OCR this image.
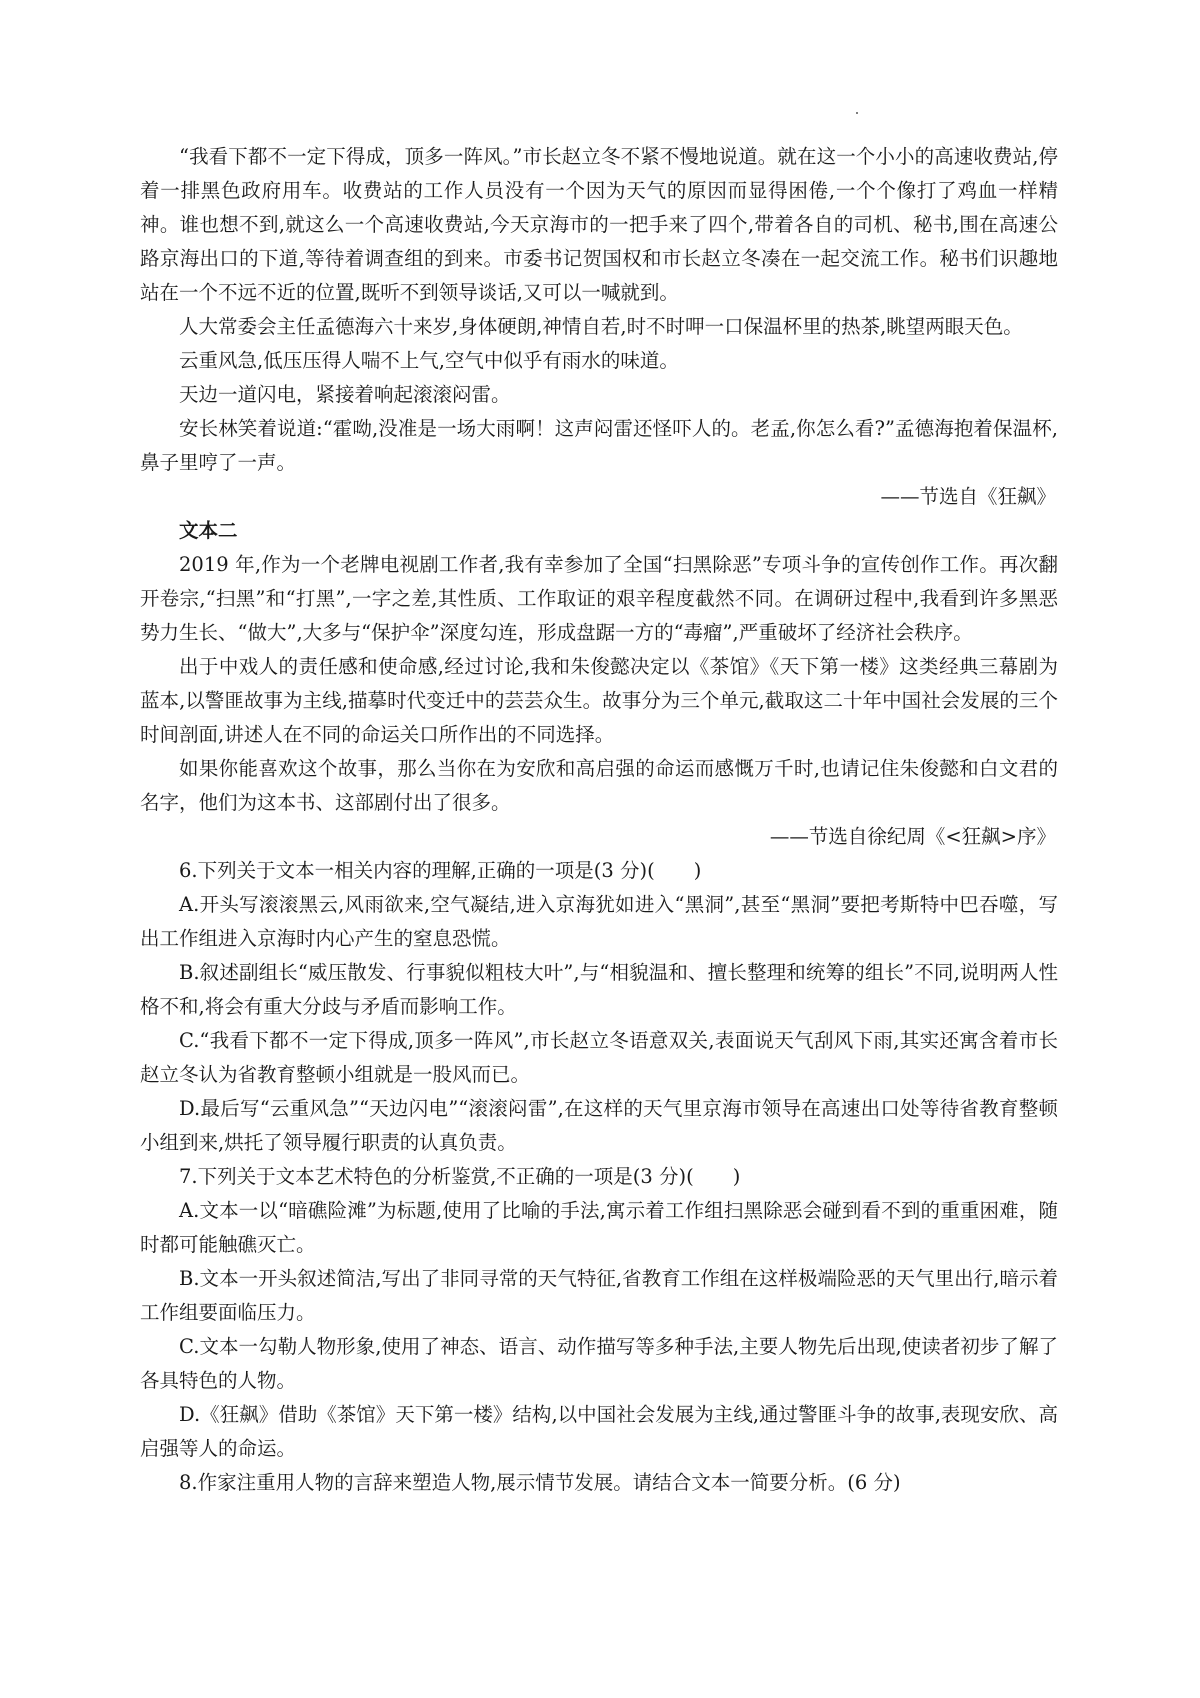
“我看下都不一定下得成，顶多一阵风。”市长赵立冬不紧不慢地说道。就在这一个小小的高速收费站,停着一排黑色政府用车。收费站的工作人员没有一个因为天气的原因而显得困倦,一个个像打了鸡血一样精神。谁也想不到,就这么一个高速收费站,今天京海市的一把手来了四个,带着各自的司机、秘书,围在高速公路京海出口的下道,等待着调查组的到来。市委书记贺国权和市长赵立冬凑在一起交流工作。秘书们识趣地站在一个不远不近的位置,既听不到领导谈话,又可以一喊就到。

人大常委会主任孟德海六十来岁,身体硬朗,神情自若,时不时呷一口保温杯里的热茶,眺望两眼天色。

云重风急,低压压得人喘不上气,空气中似乎有雨水的味道。

天边一道闪电，紧接着响起滚滚闷雷。

安长林笑着说道:“霍呦,没准是一场大雨啊！这声闷雷还怪吓人的。老孟,你怎么看?”孟德海抱着保温杯,鼻子里哼了一声。

——节选自《狂飙》

文本二

2019 年,作为一个老牌电视剧工作者,我有幸参加了全国“扫黑除恶”专项斗争的宣传创作工作。再次翻开卷宗,“扫黑”和“打黑”,一字之差,其性质、工作取证的艰辛程度截然不同。在调研过程中,我看到许多黑恶势力生长、“做大”,大多与“保护伞”深度勾连，形成盘踞一方的“毒瘤”,严重破坏了经济社会秩序。

出于中戏人的责任感和使命感,经过讨论,我和朱俊懿决定以《茶馆》《天下第一楼》这类经典三幕剧为蓝本,以警匪故事为主线,描摹时代变迁中的芸芸众生。故事分为三个单元,截取这二十年中国社会发展的三个时间剖面,讲述人在不同的命运关口所作出的不同选择。

如果你能喜欢这个故事，那么当你在为安欣和高启强的命运而感慨万千时,也请记住朱俊懿和白文君的名字，他们为这本书、这部剧付出了很多。

——节选自徐纪周《<狂飙>序》

6.下列关于文本一相关内容的理解,正确的一项是(3 分)(　　)

A.开头写滚滚黑云,风雨欲来,空气凝结,进入京海犹如进入“黑洞”,甚至“黑洞”要把考斯特中巴吞噬，写出工作组进入京海时内心产生的窒息恐慌。

B.叙述副组长“威压散发、行事貌似粗枝大叶”,与“相貌温和、擅长整理和统筹的组长”不同,说明两人性格不和,将会有重大分歧与矛盾而影响工作。

C.“我看下都不一定下得成,顶多一阵风”,市长赵立冬语意双关,表面说天气刮风下雨,其实还寓含着市长赵立冬认为省教育整顿小组就是一股风而已。

D.最后写“云重风急”“天边闪电”“滚滚闷雷”,在这样的天气里京海市领导在高速出口处等待省教育整顿小组到来,烘托了领导履行职责的认真负责。

7.下列关于文本艺术特色的分析鉴赏,不正确的一项是(3 分)(　　)

A.文本一以“暗礁险滩”为标题,使用了比喻的手法,寓示着工作组扫黑除恶会碰到看不到的重重困难，随时都可能触礁灭亡。

B.文本一开头叙述简洁,写出了非同寻常的天气特征,省教育工作组在这样极端险恶的天气里出行,暗示着工作组要面临压力。

C.文本一勾勒人物形象,使用了神态、语言、动作描写等多种手法,主要人物先后出现,使读者初步了解了各具特色的人物。

D.《狂飙》借助《茶馆》天下第一楼》结构,以中国社会发展为主线,通过警匪斗争的故事,表现安欣、高启强等人的命运。

8.作家注重用人物的言辞来塑造人物,展示情节发展。请结合文本一简要分析。(6 分)
